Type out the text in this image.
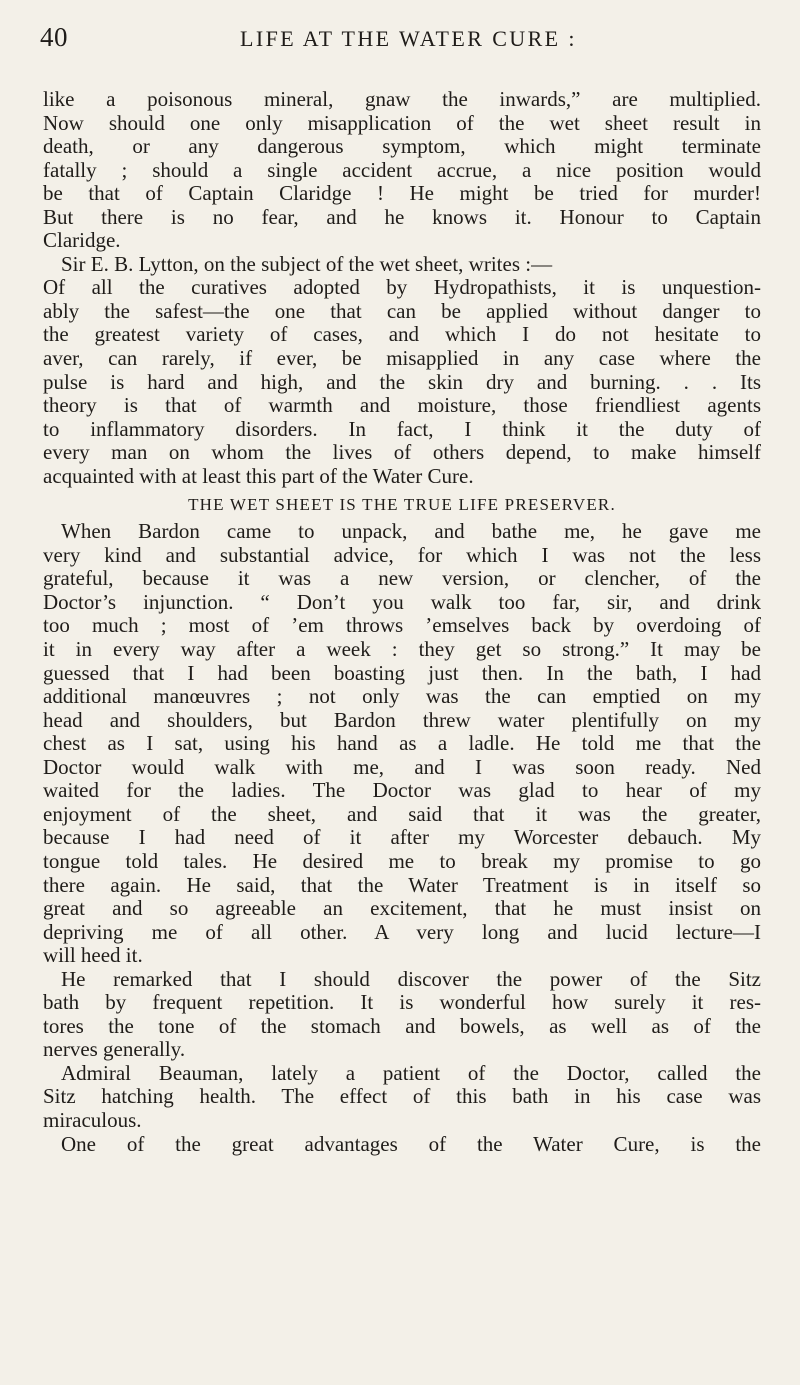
40	LIFE AT THE WATER CURE :
like a poisonous mineral, gnaw the inwards,” are multiplied.
Now should one only misapplication of the wet sheet result in
death, or any dangerous symptom, which might terminate
fatally ; should a single accident accrue, a nice position would
be that of Captain Claridge ! He might be tried for murder!
But there is no fear, and he knows it. Honour to Captain
Claridge.
Sir E. B. Lytton, on the subject of the wet sheet, writes :—
Of all the curatives adopted by Hydropathists, it is unquestion-
ably the safest—the one that can be applied without danger to
the greatest variety of cases, and which I do not hesitate to
aver, can rarely, if ever, be misapplied in any case where the
pulse is hard and high, and the skin dry and burning. . . Its
theory is that of warmth and moisture, those friendliest agents
to inflammatory disorders. In fact, I think it the duty of
every man on whom the lives of others depend, to make himself
acquainted with at least this part of the Water Cure.
THE WET SHEET IS THE TRUE LIFE PRESERVER.
When Bardon came to unpack, and bathe me, he gave me
very kind and substantial advice, for which I was not the less
grateful, because it was a new version, or clencher, of the
Doctor’s injunction. “ Don’t you walk too far, sir, and drink
too much ; most of ’em throws ’emselves back by overdoing of
it in every way after a week : they get so strong.” It may be
guessed that I had been boasting just then. In the bath, I had
additional manœuvres ; not only was the can emptied on my
head and shoulders, but Bardon threw water plentifully on my
chest as I sat, using his hand as a ladle. He told me that the
Doctor would walk with me, and I was soon ready. Ned
waited for the ladies. The Doctor was glad to hear of my
enjoyment of the sheet, and said that it was the greater,
because I had need of it after my Worcester debauch. My
tongue told tales. He desired me to break my promise to go
there again. He said, that the Water Treatment is in itself so
great and so agreeable an excitement, that he must insist on
depriving me of all other. A very long and lucid lecture—I
will heed it.
He remarked that I should discover the power of the Sitz
bath by frequent repetition. It is wonderful how surely it res-
tores the tone of the stomach and bowels, as well as of the
nerves generally.
Admiral Beauman, lately a patient of the Doctor, called the
Sitz hatching health. The effect of this bath in his case was
miraculous.
One of the great advantages of the Water Cure, is the
